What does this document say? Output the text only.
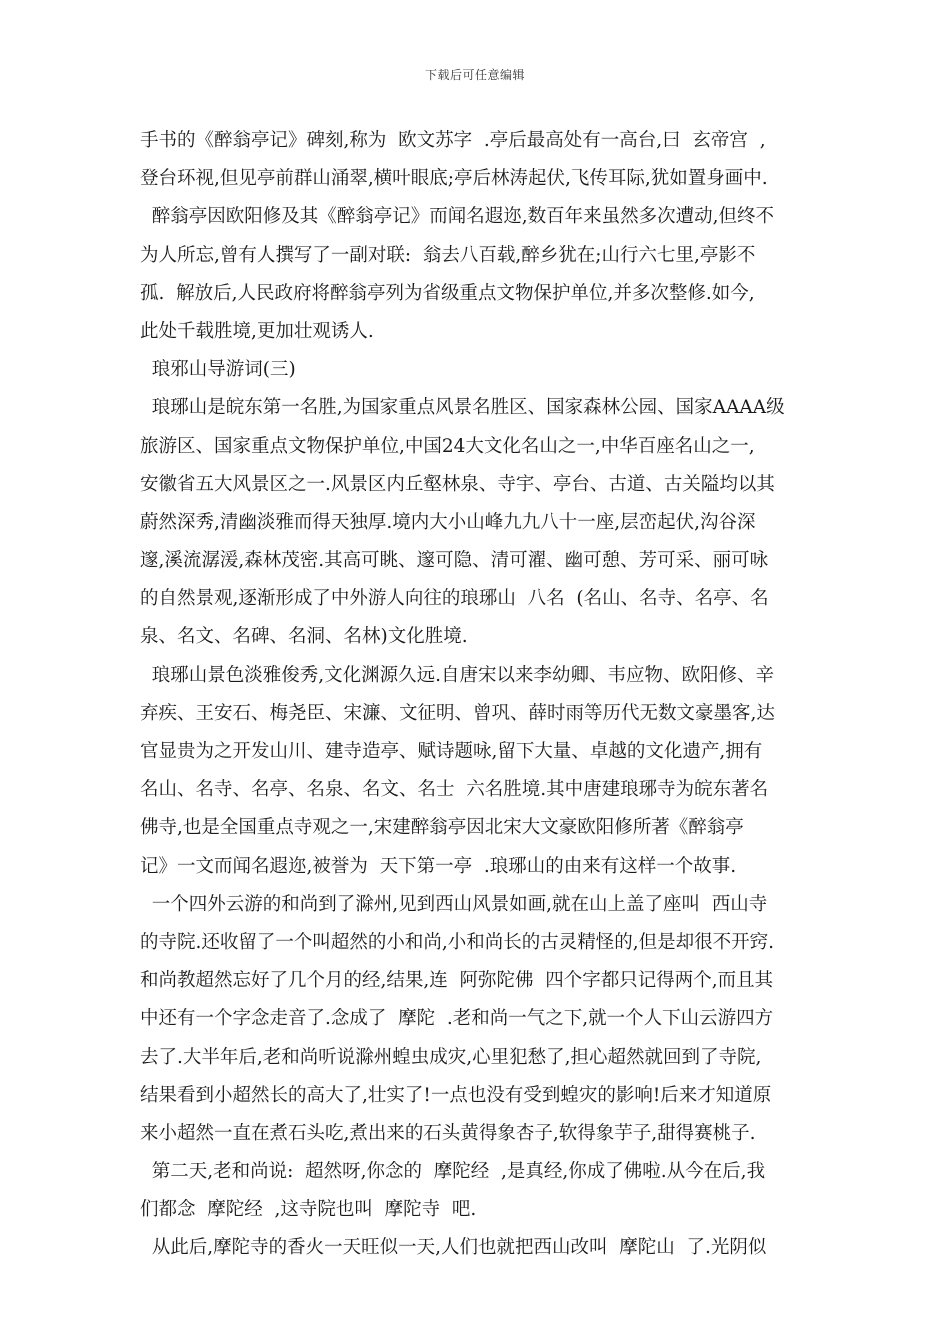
下载后可任意编辑
手书的《醉翁亭记》碑刻,称为  欧文苏字  .亭后最高处有一高台,曰  玄帝宫  ,
登台环视,但见亭前群山涌翠,横叶眼底;亭后林涛起伏,飞传耳际,犹如置身画中.
醉翁亭因欧阳修及其《醉翁亭记》而闻名遐迩,数百年来虽然多次遭动,但终不
为人所忘,曾有人撰写了一副对联:  翁去八百载,醉乡犹在;山行六七里,亭影不
孤.  解放后,人民政府将醉翁亭列为省级重点文物保护单位,并多次整修.如今,
此处千载胜境,更加壮观诱人.
琅邪山导游词(三)
琅琊山是皖东第一名胜,为国家重点风景名胜区、国家森林公园、国家AAAA级
旅游区、国家重点文物保护单位,中国24大文化名山之一,中华百座名山之一,
安徽省五大风景区之一.风景区内丘壑林泉、寺宇、亭台、古道、古关隘均以其
蔚然深秀,清幽淡雅而得天独厚.境内大小山峰九九八十一座,层峦起伏,沟谷深
邃,溪流潺湲,森林茂密.其高可眺、邃可隐、清可濯、幽可憩、芳可采、丽可咏
的自然景观,逐渐形成了中外游人向往的琅琊山  八名  (名山、名寺、名亭、名
泉、名文、名碑、名洞、名林)文化胜境.
琅琊山景色淡雅俊秀,文化渊源久远.自唐宋以来李幼卿、韦应物、欧阳修、辛
弃疾、王安石、梅尧臣、宋濂、文征明、曾巩、薛时雨等历代无数文豪墨客,达
官显贵为之开发山川、建寺造亭、赋诗题咏,留下大量、卓越的文化遗产,拥有
名山、名寺、名亭、名泉、名文、名士  六名胜境.其中唐建琅琊寺为皖东著名
佛寺,也是全国重点寺观之一,宋建醉翁亭因北宋大文豪欧阳修所著《醉翁亭
记》一文而闻名遐迩,被誉为  天下第一亭  .琅琊山的由来有这样一个故事.
一个四外云游的和尚到了滁州,见到西山风景如画,就在山上盖了座叫  西山寺
的寺院.还收留了一个叫超然的小和尚,小和尚长的古灵精怪的,但是却很不开窍.
和尚教超然忘好了几个月的经,结果,连  阿弥陀佛  四个字都只记得两个,而且其
中还有一个字念走音了.念成了  摩陀  .老和尚一气之下,就一个人下山云游四方
去了.大半年后,老和尚听说滁州蝗虫成灾,心里犯愁了,担心超然就回到了寺院,
结果看到小超然长的高大了,壮实了!一点也没有受到蝗灾的影响!后来才知道原
来小超然一直在煮石头吃,煮出来的石头黄得象杏子,软得象芋子,甜得赛桃子.
第二天,老和尚说:  超然呀,你念的  摩陀经  ,是真经,你成了佛啦.从今在后,我
们都念  摩陀经  ,这寺院也叫  摩陀寺  吧.
从此后,摩陀寺的香火一天旺似一天,人们也就把西山改叫  摩陀山  了.光阴似
